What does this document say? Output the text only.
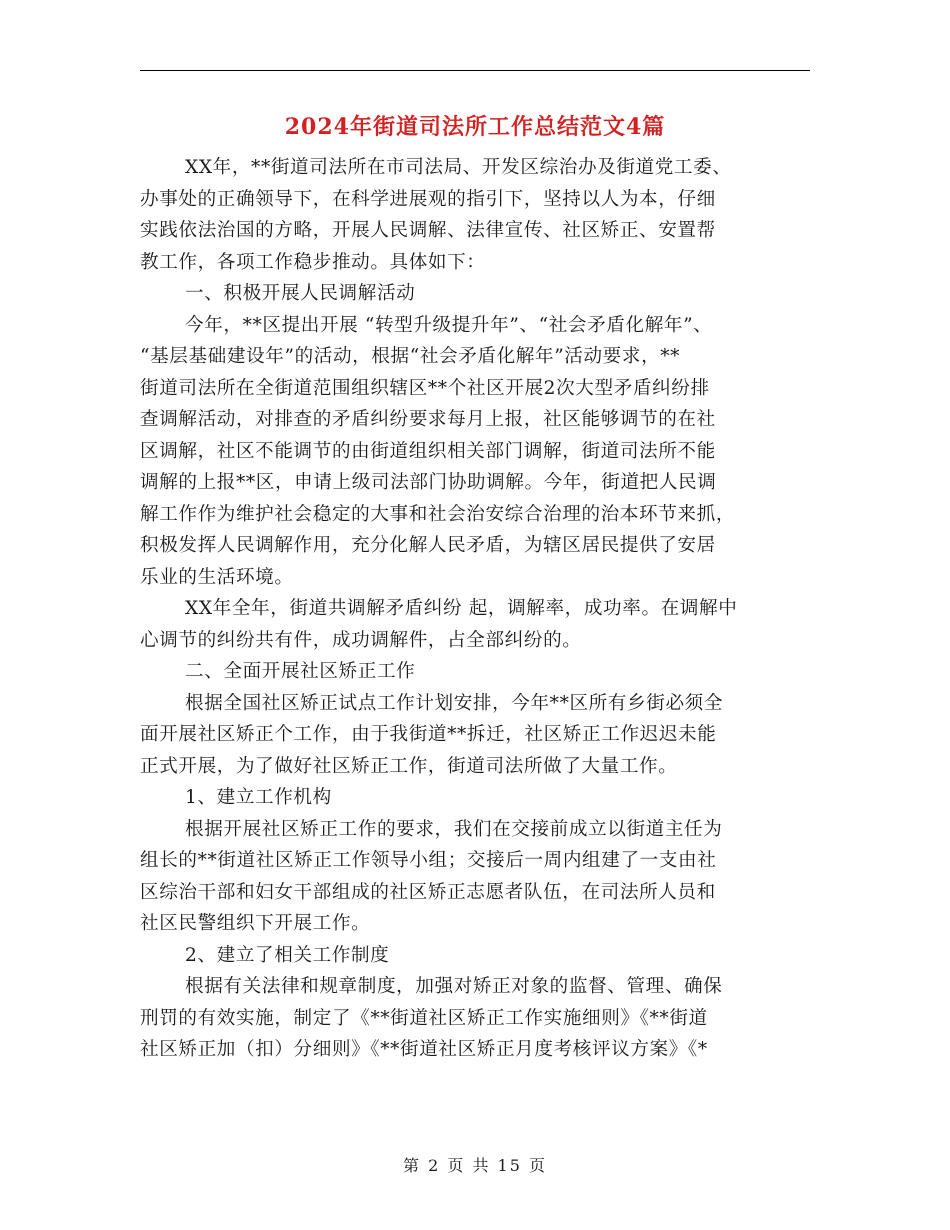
2024年街道司法所工作总结范文4篇
XX年，**街道司法所在市司法局、开发区综治办及街道党工委、
办事处的正确领导下，在科学进展观的指引下，坚持以人为本，仔细
实践依法治国的方略，开展人民调解、法律宣传、社区矫正、安置帮
教工作，各项工作稳步推动。具体如下：
一、积极开展人民调解活动
今年，**区提出开展 “转型升级提升年”、“社会矛盾化解年”、
“基层基础建设年”的活动，根据“社会矛盾化解年”活动要求，**
街道司法所在全街道范围组织辖区**个社区开展2次大型矛盾纠纷排
查调解活动，对排查的矛盾纠纷要求每月上报，社区能够调节的在社
区调解，社区不能调节的由街道组织相关部门调解，街道司法所不能
调解的上报**区，申请上级司法部门协助调解。今年，街道把人民调
解工作作为维护社会稳定的大事和社会治安综合治理的治本环节来抓，
积极发挥人民调解作用，充分化解人民矛盾，为辖区居民提供了安居
乐业的生活环境。
XX年全年，街道共调解矛盾纠纷 起，调解率，成功率。在调解中
心调节的纠纷共有件，成功调解件，占全部纠纷的。
二、全面开展社区矫正工作
根据全国社区矫正试点工作计划安排，今年**区所有乡街必须全
面开展社区矫正个工作，由于我街道**拆迁，社区矫正工作迟迟未能
正式开展，为了做好社区矫正工作，街道司法所做了大量工作。
1、建立工作机构
根据开展社区矫正工作的要求，我们在交接前成立以街道主任为
组长的**街道社区矫正工作领导小组；交接后一周内组建了一支由社
区综治干部和妇女干部组成的社区矫正志愿者队伍，在司法所人员和
社区民警组织下开展工作。
2、建立了相关工作制度
根据有关法律和规章制度，加强对矫正对象的监督、管理、确保
刑罚的有效实施，制定了《**街道社区矫正工作实施细则》《**街道
社区矫正加（扣）分细则》《**街道社区矫正月度考核评议方案》《*
第 2 页 共 15 页
